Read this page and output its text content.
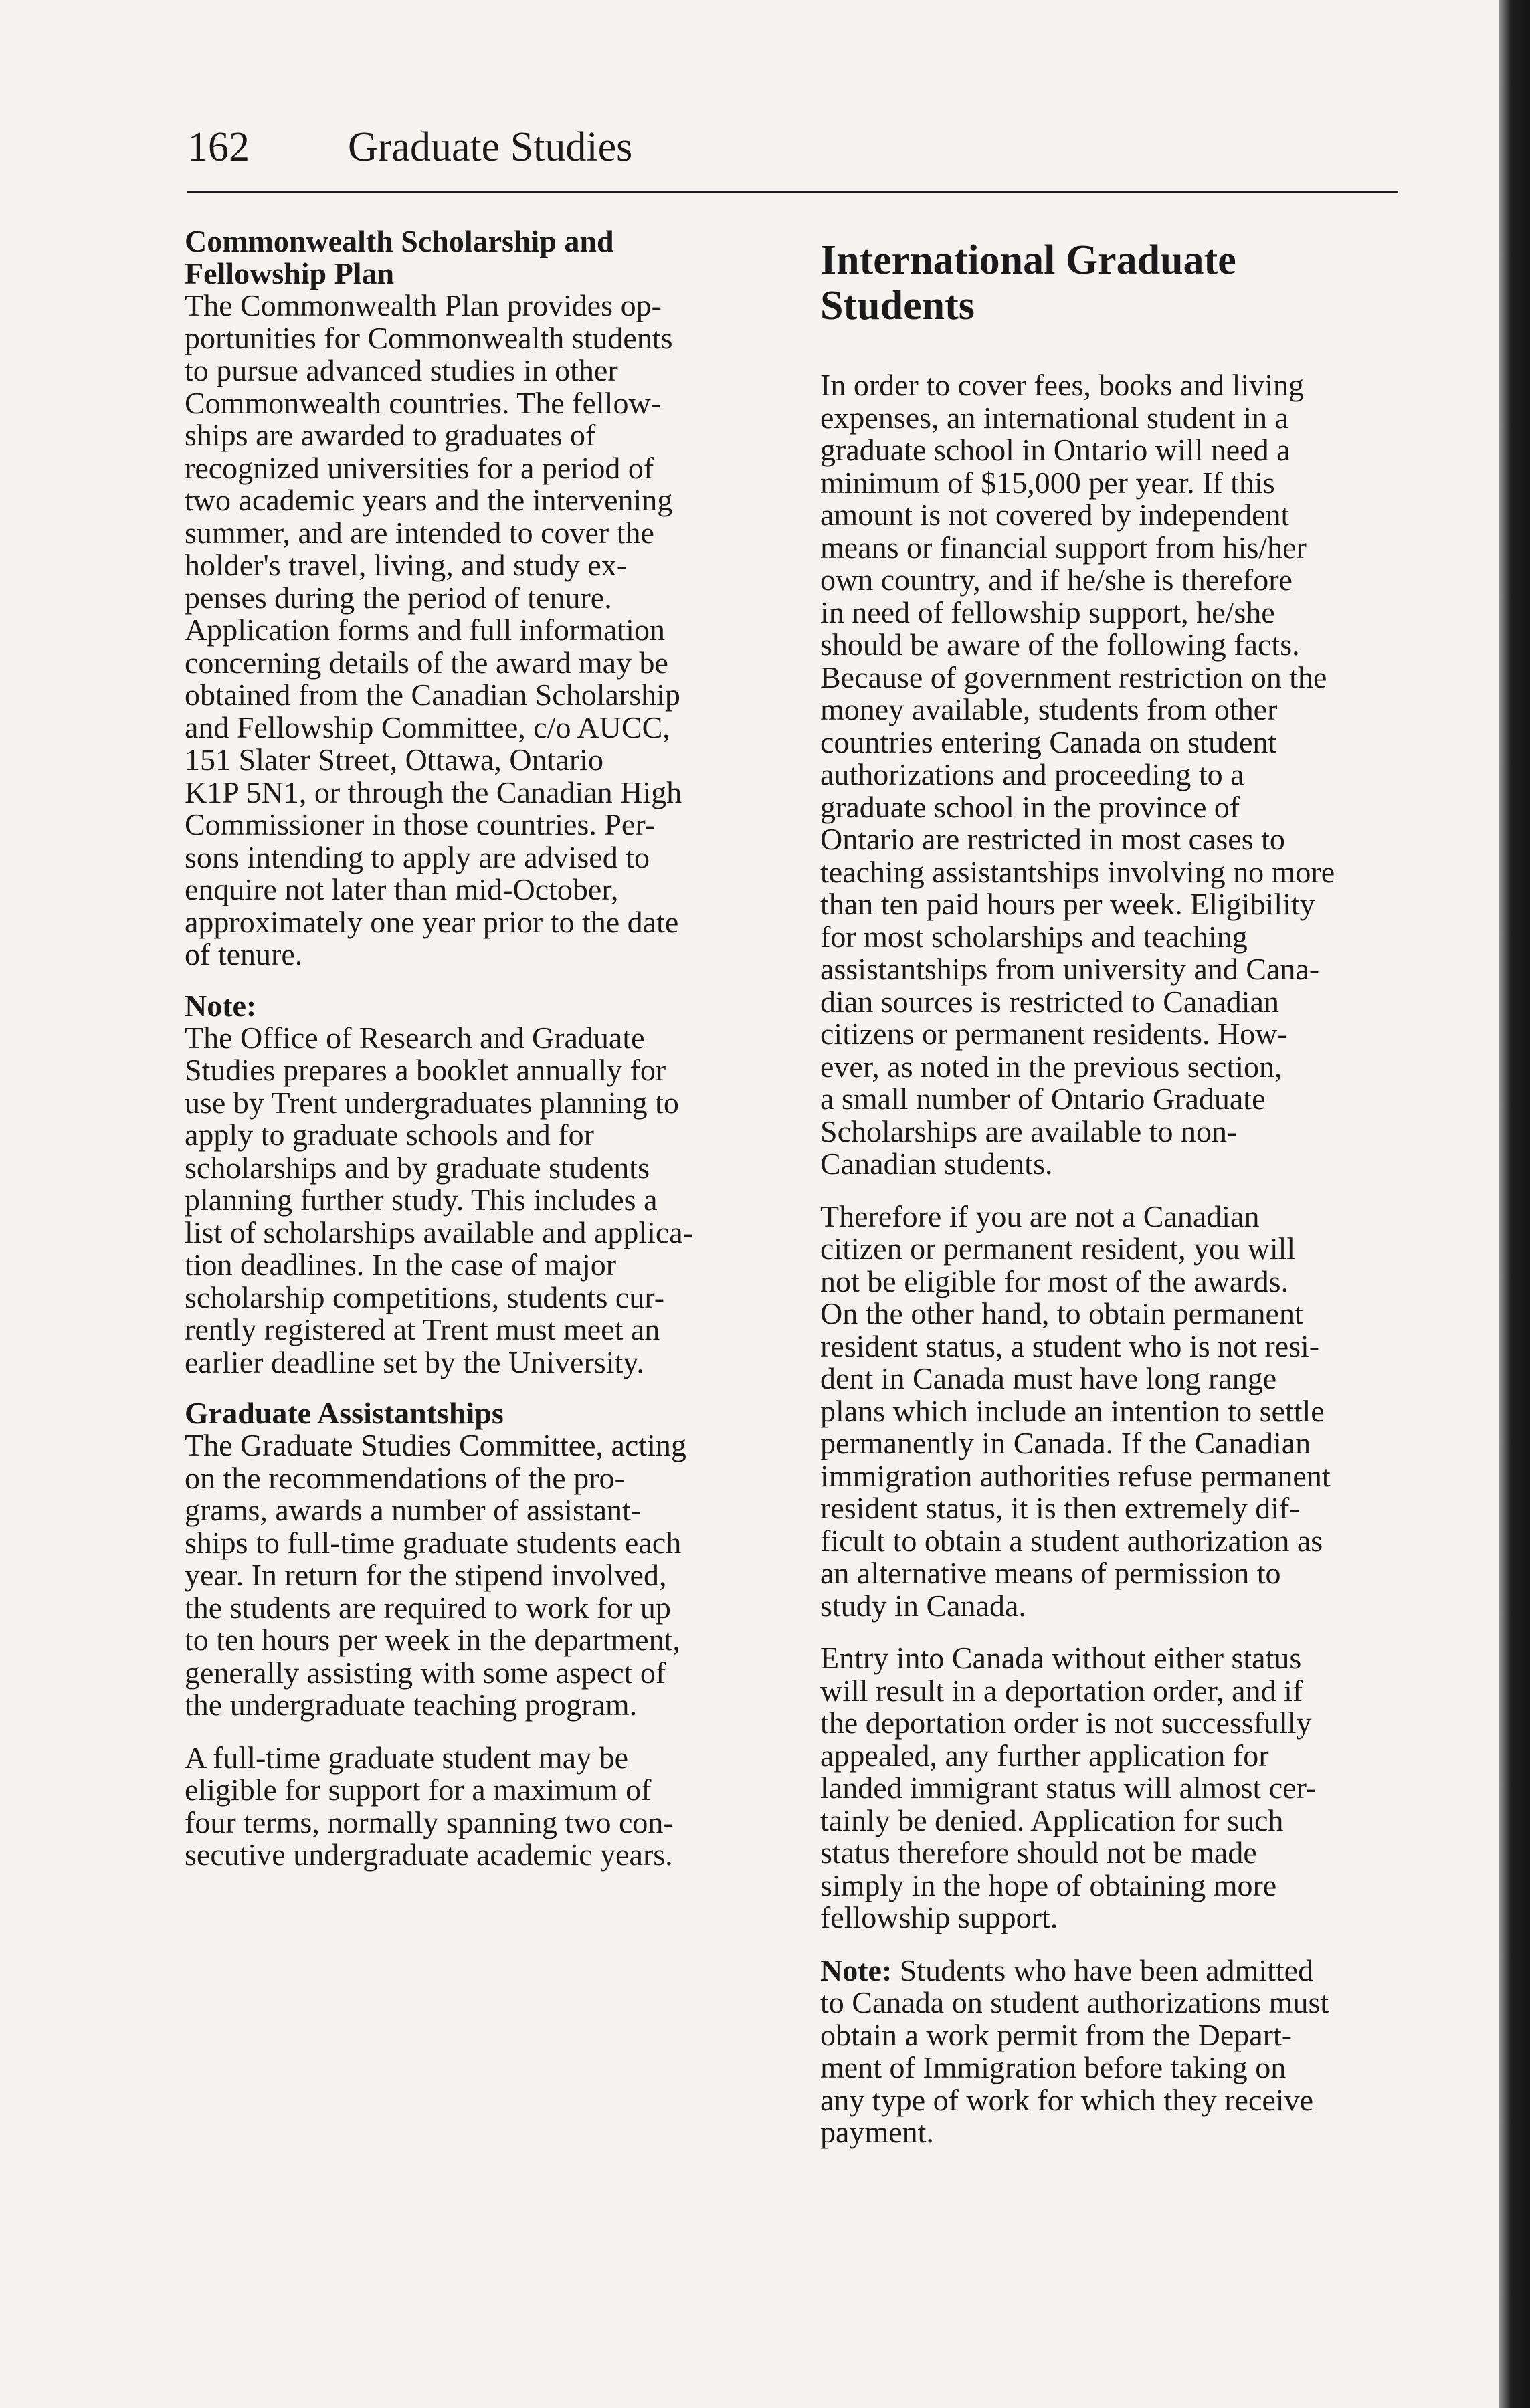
162 Graduate Studies
Commonwealth Scholarship and
Fellowship Plan

The Commonwealth Plan provides op-
portunities for Commonwealth students
to pursue advanced studies in other
Commonwealth countries. The fellow-
ships are awarded to graduates of
recognized universities for a period of
two academic years and the intervening
summer, and are intended to cover the
holder's travel, living, and study ex-
penses during the period of tenure.
Application forms and full information
concerning details of the award may be
obtained from the Canadian Scholarship
and Fellowship Committee, c/o AUCC,
151 Slater Street, Ottawa, Ontario
K1P 5N1, or through the Canadian High
Commissioner in those countries. Per-
sons intending to apply are advised to
enquire not later than mid-October,
approximately one year prior to the date
of tenure.

Note:

The Office of Research and Graduate
Studies prepares a booklet annually for
use by Trent undergraduates planning to
apply to graduate schools and for
scholarships and by graduate students
planning further study. This includes a
list of scholarships available and applica-
tion deadlines. In the case of major
scholarship competitions, students cur-
rently registered at Trent must meet an
earlier deadline set by the University.

Graduate Assistantships

The Graduate Studies Committee, acting
on the recommendations of the pro-
grams, awards a number of assistant-
ships to full-time graduate students each
year. In return for the stipend involved,
the students are required to work for up
to ten hours per week in the department,
generally assisting with some aspect of
the undergraduate teaching program.

A full-time graduate student may be
eligible for support for a maximum of
four terms, normally spanning two con-
secutive undergraduate academic years.

International Graduate
Students

In order to cover fees, books and living
expenses, an international student in a
graduate school in Ontario will need a
minimum of $15,000 per year. If this
amount is not covered by independent
means or financial support from his/her
own country, and if he/she is therefore
in need of fellowship support, he/she
should be aware of the following facts.
Because of government restriction on the
money available, students from other
countries entering Canada on student
authorizations and proceeding to a
graduate school in the province of
Ontario are restricted in most cases to
teaching assistantships involving no more
than ten paid hours per week. Eligibility
for most scholarships and teaching
assistantships from university and Cana-
dian sources is restricted to Canadian
citizens or permanent residents. How-
ever, as noted in the previous section,
a small number of Ontario Graduate
Scholarships are available to non-
Canadian students.

Therefore if you are not a Canadian
citizen or permanent resident, you will
not be eligible for most of the awards.
On the other hand, to obtain permanent
resident status, a student who is not resi-
dent in Canada must have long range
plans which include an intention to settle
permanently in Canada. If the Canadian
immigration authorities refuse permanent
resident status, it is then extremely dif-
ficult to obtain a student authorization as
an alternative means of permission to
study in Canada.

Entry into Canada without either status
will result in a deportation order, and if
the deportation order is not successfully
appealed, any further application for
landed immigrant status will almost cer-
tainly be denied. Application for such
status therefore should not be made
simply in the hope of obtaining more
fellowship support.

Note: Students who have been admitted
to Canada on student authorizations must
obtain a work permit from the Depart-
ment of Immigration before taking on
any type of work for which they receive
payment.
